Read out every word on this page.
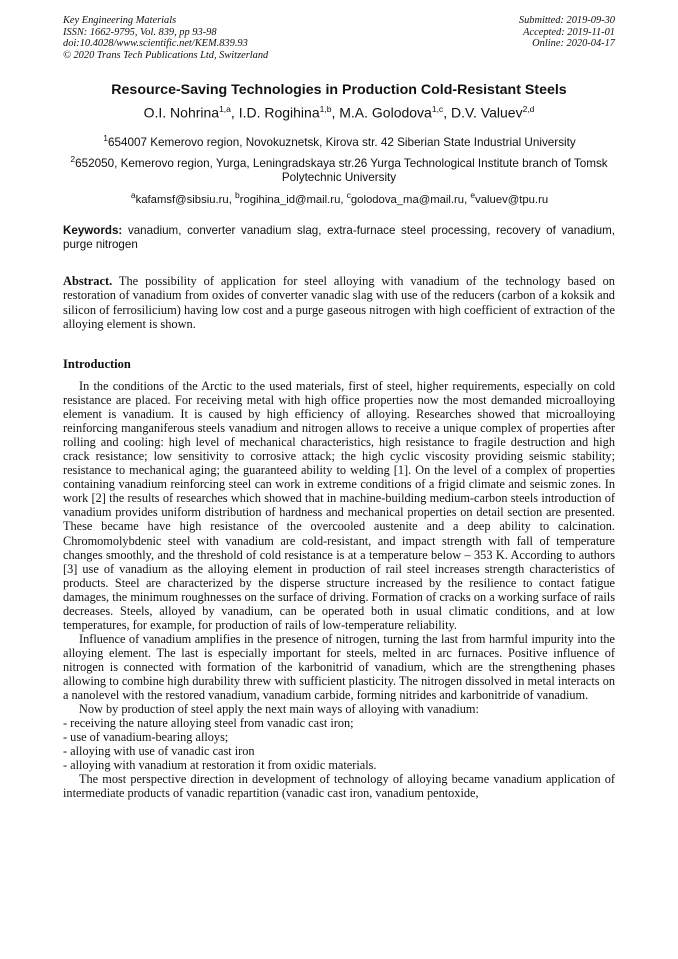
Key Engineering Materials
ISSN: 1662-9795, Vol. 839, pp 93-98
doi:10.4028/www.scientific.net/KEM.839.93
© 2020 Trans Tech Publications Ltd, Switzerland
Submitted: 2019-09-30
Accepted: 2019-11-01
Online: 2020-04-17
Resource-Saving Technologies in Production Cold-Resistant Steels
O.I. Nohrina$^{1,a}$, I.D. Rogihina$^{1,b}$, M.A. Golodova$^{1,c}$, D.V. Valuev$^{2,d}$
$^1$654007 Kemerovo region, Novokuznetsk, Kirova str. 42 Siberian State Industrial University
$^2$652050, Kemerovo region, Yurga, Leningradskaya str.26 Yurga Technological Institute branch of Tomsk Polytechnic University
$^a$kafamsf@sibsiu.ru, $^b$rogihina_id@mail.ru, $^c$golodova_ma@mail.ru, $^e$valuev@tpu.ru
Keywords: vanadium, converter vanadium slag, extra-furnace steel processing, recovery of vanadium, purge nitrogen
Abstract. The possibility of application for steel alloying with vanadium of the technology based on restoration of vanadium from oxides of converter vanadic slag with use of the reducers (carbon of a koksik and silicon of ferrosilicium) having low cost and a purge gaseous nitrogen with high coefficient of extraction of the alloying element is shown.
Introduction

In the conditions of the Arctic to the used materials, first of steel, higher requirements, especially on cold resistance are placed. For receiving metal with high office properties now the most demanded microalloying element is vanadium. It is caused by high efficiency of alloying. Researches showed that microalloying reinforcing manganiferous steels vanadium and nitrogen allows to receive a unique complex of properties after rolling and cooling: high level of mechanical characteristics, high resistance to fragile destruction and high crack resistance; low sensitivity to corrosive attack; the high cyclic viscosity providing seismic stability; resistance to mechanical aging; the guaranteed ability to welding [1]. On the level of a complex of properties containing vanadium reinforcing steel can work in extreme conditions of a frigid climate and seismic zones. In work [2] the results of researches which showed that in machine-building medium-carbon steels introduction of vanadium provides uniform distribution of hardness and mechanical properties on detail section are presented. These became have high resistance of the overcooled austenite and a deep ability to calcination. Chromomolybdenic steel with vanadium are cold-resistant, and impact strength with fall of temperature changes smoothly, and the threshold of cold resistance is at a temperature below – 353 K. According to authors [3] use of vanadium as the alloying element in production of rail steel increases strength characteristics of products. Steel are characterized by the disperse structure increased by the resilience to contact fatigue damages, the minimum roughnesses on the surface of driving. Formation of cracks on a working surface of rails decreases. Steels, alloyed by vanadium, can be operated both in usual climatic conditions, and at low temperatures, for example, for production of rails of low-temperature reliability.

Influence of vanadium amplifies in the presence of nitrogen, turning the last from harmful impurity into the alloying element. The last is especially important for steels, melted in arc furnaces. Positive influence of nitrogen is connected with formation of the karbonitrid of vanadium, which are the strengthening phases allowing to combine high durability threw with sufficient plasticity. The nitrogen dissolved in metal interacts on a nanolevel with the restored vanadium, vanadium carbide, forming nitrides and karbonitride of vanadium.

Now by production of steel apply the next main ways of alloying with vanadium:

- receiving the nature alloying steel from vanadic cast iron;
- use of vanadium-bearing alloys;
- alloying with use of vanadic cast iron
- alloying with vanadium at restoration it from oxidic materials.

The most perspective direction in development of technology of alloying became vanadium application of intermediate products of vanadic repartition (vanadic cast iron, vanadium pentoxide,
